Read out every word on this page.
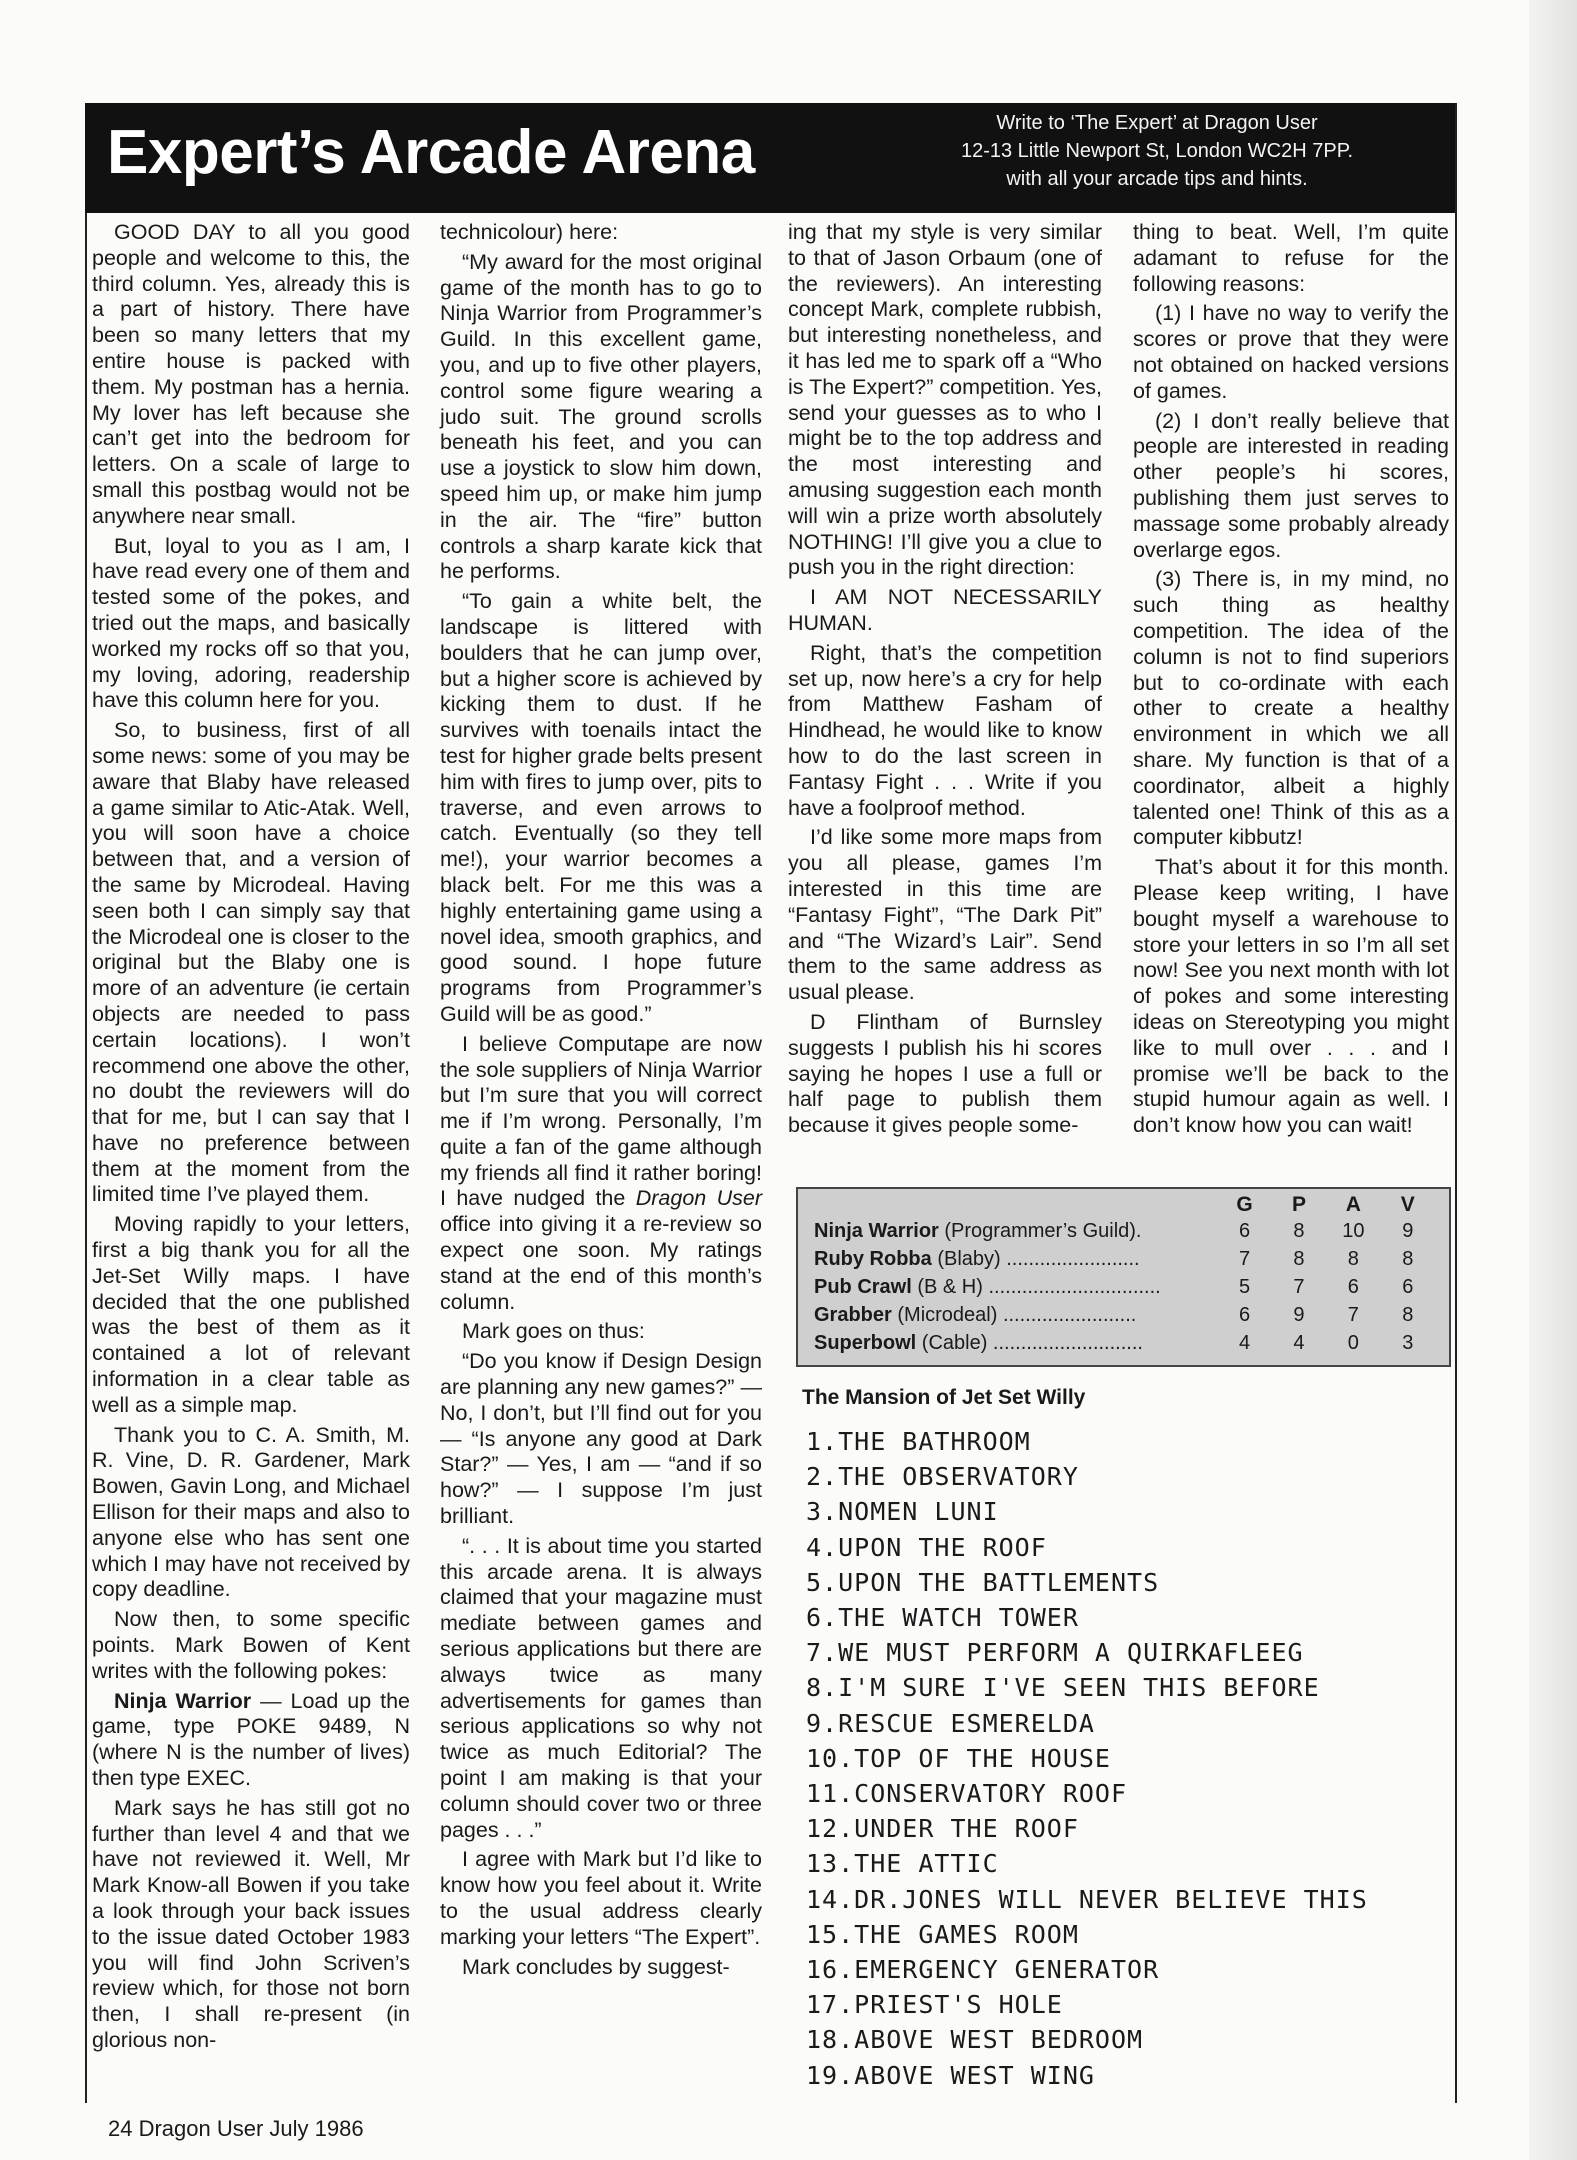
Expert’s Arcade Arena	Write to ‘The Expert’ at Dragon User
12-13 Little Newport St, London WC2H 7PP.
with all your arcade tips and hints.

GOOD DAY to all you good people and welcome to this, the third column. Yes, already this is a part of history. There have been so many letters that my entire house is packed with them. My postman has a hernia. My lover has left because she can’t get into the bedroom for letters. On a scale of large to small this postbag would not be anywhere near small.

But, loyal to you as I am, I have read every one of them and tested some of the pokes, and tried out the maps, and basically worked my rocks off so that you, my loving, adoring, readership have this column here for you.

So, to business, first of all some news: some of you may be aware that Blaby have released a game similar to Atic-Atak. Well, you will soon have a choice between that, and a version of the same by Microdeal. Having seen both I can simply say that the Microdeal one is closer to the original but the Blaby one is more of an adventure (ie certain objects are needed to pass certain locations). I won’t recommend one above the other, no doubt the reviewers will do that for me, but I can say that I have no preference between them at the moment from the limited time I’ve played them.

Moving rapidly to your letters, first a big thank you for all the Jet-Set Willy maps. I have decided that the one published was the best of them as it contained a lot of relevant information in a clear table as well as a simple map.

Thank you to C. A. Smith, M. R. Vine, D. R. Gardener, Mark Bowen, Gavin Long, and Michael Ellison for their maps and also to anyone else who has sent one which I may have not received by copy deadline.

Now then, to some specific points. Mark Bowen of Kent writes with the following pokes:

Ninja Warrior — Load up the game, type POKE 9489, N (where N is the number of lives) then type EXEC.

Mark says he has still got no further than level 4 and that we have not reviewed it. Well, Mr Mark Know-all Bowen if you take a look through your back issues to the issue dated October 1983 you will find John Scriven’s review which, for those not born then, I shall re-present (in glorious non-

technicolour) here:

“My award for the most original game of the month has to go to Ninja Warrior from Programmer’s Guild. In this excellent game, you, and up to five other players, control some figure wearing a judo suit. The ground scrolls beneath his feet, and you can use a joystick to slow him down, speed him up, or make him jump in the air. The “fire” button controls a sharp karate kick that he performs.

“To gain a white belt, the landscape is littered with boulders that he can jump over, but a higher score is achieved by kicking them to dust. If he survives with toenails intact the test for higher grade belts present him with fires to jump over, pits to traverse, and even arrows to catch. Eventually (so they tell me!), your warrior becomes a black belt. For me this was a highly entertaining game using a novel idea, smooth graphics, and good sound. I hope future programs from Programmer’s Guild will be as good.”

I believe Computape are now the sole suppliers of Ninja Warrior but I’m sure that you will correct me if I’m wrong. Personally, I’m quite a fan of the game although my friends all find it rather boring! I have nudged the Dragon User office into giving it a re-review so expect one soon. My ratings stand at the end of this month’s column.

Mark goes on thus:

“Do you know if Design Design are planning any new games?” — No, I don’t, but I’ll find out for you — “Is anyone any good at Dark Star?” — Yes, I am — “and if so how?” — I suppose I’m just brilliant.

“. . . It is about time you started this arcade arena. It is always claimed that your magazine must mediate between games and serious applications but there are always twice as many advertisements for games than serious applications so why not twice as much Editorial? The point I am making is that your column should cover two or three pages . . .”

I agree with Mark but I’d like to know how you feel about it. Write to the usual address clearly marking your letters “The Expert”.

Mark concludes by suggest-

ing that my style is very similar to that of Jason Orbaum (one of the reviewers). An interesting concept Mark, complete rubbish, but interesting nonetheless, and it has led me to spark off a “Who is The Expert?” competition. Yes, send your guesses as to who I might be to the top address and the most interesting and amusing suggestion each month will win a prize worth absolutely NOTHING! I’ll give you a clue to push you in the right direction:

I AM NOT NECESSARILY HUMAN.

Right, that’s the competition set up, now here’s a cry for help from Matthew Fasham of Hindhead, he would like to know how to do the last screen in Fantasy Fight . . . Write if you have a foolproof method.

I’d like some more maps from you all please, games I’m interested in this time are “Fantasy Fight”, “The Dark Pit” and “The Wizard’s Lair”. Send them to the same address as usual please.

D Flintham of Burnsley suggests I publish his hi scores saying he hopes I use a full or half page to publish them because it gives people some-

thing to beat. Well, I’m quite adamant to refuse for the following reasons:

(1) I have no way to verify the scores or prove that they were not obtained on hacked versions of games.

(2) I don’t really believe that people are interested in reading other people’s hi scores, publishing them just serves to massage some probably already overlarge egos.

(3) There is, in my mind, no such thing as healthy competition. The idea of the column is not to find superiors but to co-ordinate with each other to create a healthy environment in which we all share. My function is that of a coordinator, albeit a highly talented one! Think of this as a computer kibbutz!

That’s about it for this month. Please keep writing, I have bought myself a warehouse to store your letters in so I’m all set now! See you next month with lot of pokes and some interesting ideas on Stereotyping you might like to mull over . . . and I promise we’ll be back to the stupid humour again as well. I don’t know how you can wait!

G	P	A	V
Ninja Warrior (Programmer’s Guild).	6	8	10	9
Ruby Robba (Blaby) ........................	7	8	8	8
Pub Crawl (B & H) ...............................	5	7	6	6
Grabber (Microdeal) ........................	6	9	7	8
Superbowl (Cable) ...........................	4	4	0	3
The Mansion of Jet Set Willy
1.THE BATHROOM
2.THE OBSERVATORY
3.NOMEN LUNI
4.UPON THE ROOF
5.UPON THE BATTLEMENTS
6.THE WATCH TOWER
7.WE MUST PERFORM A QUIRKAFLEEG
8.I'M SURE I'VE SEEN THIS BEFORE
9.RESCUE ESMERELDA
10.TOP OF THE HOUSE
11.CONSERVATORY ROOF
12.UNDER THE ROOF
13.THE ATTIC
14.DR.JONES WILL NEVER BELIEVE THIS
15.THE GAMES ROOM
16.EMERGENCY GENERATOR
17.PRIEST'S HOLE
18.ABOVE WEST BEDROOM
19.ABOVE WEST WING
24 Dragon User July 1986
